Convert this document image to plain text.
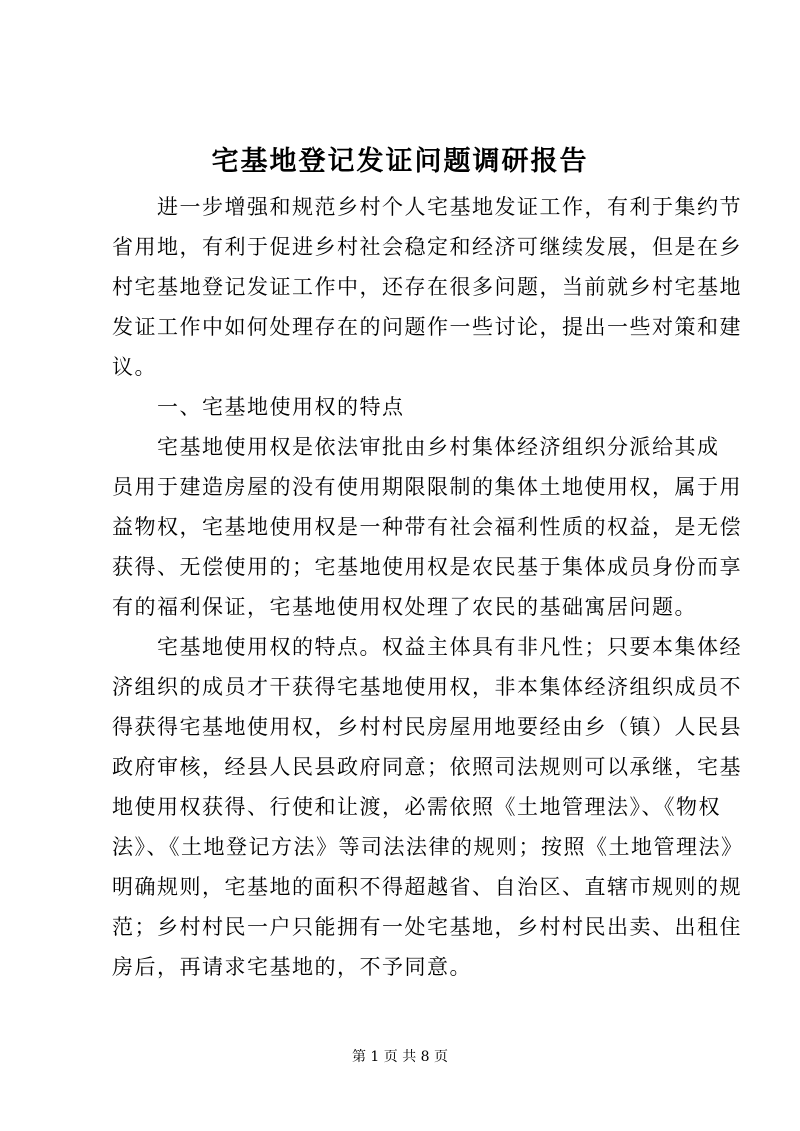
宅基地登记发证问题调研报告
　　进一步增强和规范乡村个人宅基地发证工作，有利于集约节
省用地，有利于促进乡村社会稳定和经济可继续发展，但是在乡
村宅基地登记发证工作中，还存在很多问题，当前就乡村宅基地
发证工作中如何处理存在的问题作一些讨论，提出一些对策和建
议。
　　一、宅基地使用权的特点
　　宅基地使用权是依法审批由乡村集体经济组织分派给其成
员用于建造房屋的没有使用期限限制的集体土地使用权，属于用
益物权，宅基地使用权是一种带有社会福利性质的权益，是无偿
获得、无偿使用的；宅基地使用权是农民基于集体成员身份而享
有的福利保证，宅基地使用权处理了农民的基础寓居问题。
　　宅基地使用权的特点。权益主体具有非凡性；只要本集体经
济组织的成员才干获得宅基地使用权，非本集体经济组织成员不
得获得宅基地使用权，乡村村民房屋用地要经由乡（镇）人民县
政府审核，经县人民县政府同意；依照司法规则可以承继，宅基
地使用权获得、行使和让渡，必需依照《土地管理法》、《物权
法》、《土地登记方法》等司法法律的规则；按照《土地管理法》
明确规则，宅基地的面积不得超越省、自治区、直辖市规则的规
范；乡村村民一户只能拥有一处宅基地，乡村村民出卖、出租住
房后，再请求宅基地的，不予同意。
第 1 页 共 8 页
